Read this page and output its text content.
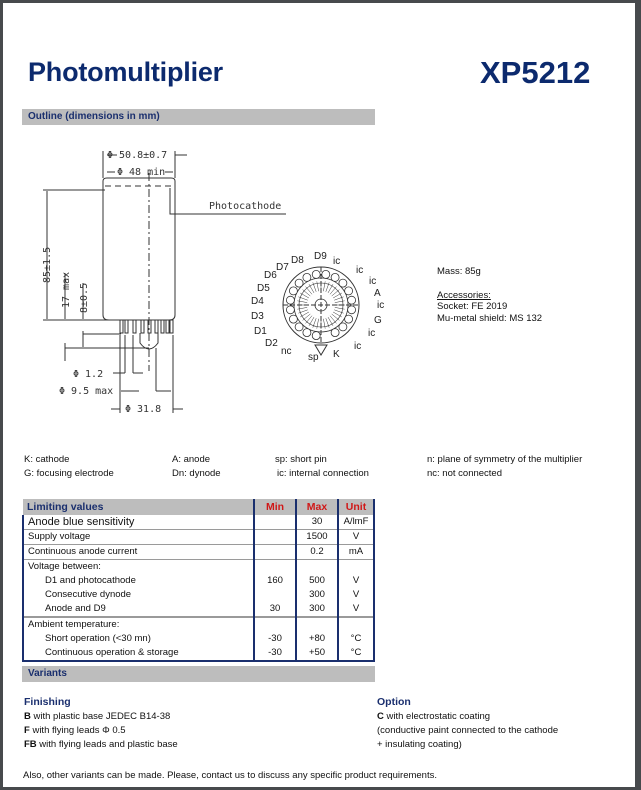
Photomultiplier	XP5212
Outline (dimensions in mm)
Φ 50.8±0.7
Φ 48 min
Photocathode
85±1.5
17 max 8±0.5
Φ 1.2
Φ 9.5 max
Φ 31.8
D8 D9 ic
D7	ic
D6
ic
D5	A
D4	ic
D3	G
D1	ic
D2	ic
nc
sp K
Mass: 85g
Accessories:
Socket: FE 2019
Mu-metal shield: MS 132
K: cathode	A: anode	sp: short pin	n: plane of symmetry of the multiplier
G: focusing electrode	Dn: dynode	ic: internal connection	nc: not connected
Limiting values	Min	Max	Unit
Anode blue sensitivity		30	A/lmF
Supply voltage		1500	V
Continuous anode current		0.2	mA
Voltage between:			
D1 and photocathode	160	500	V
Consecutive dynode		300	V
Anode and D9	30	300	V
Ambient temperature:			
Short operation (<30 mn)	-30	+80	°C
Continuous operation & storage	-30	+50	°C
Variants
Finishing
B with plastic base JEDEC B14-38
F with flying leads Φ 0.5
FB with flying leads and plastic base
Option
C with electrostatic coating
(conductive paint connected to the cathode
+ insulating coating)
Also, other variants can be made. Please, contact us to discuss any specific product requirements.
